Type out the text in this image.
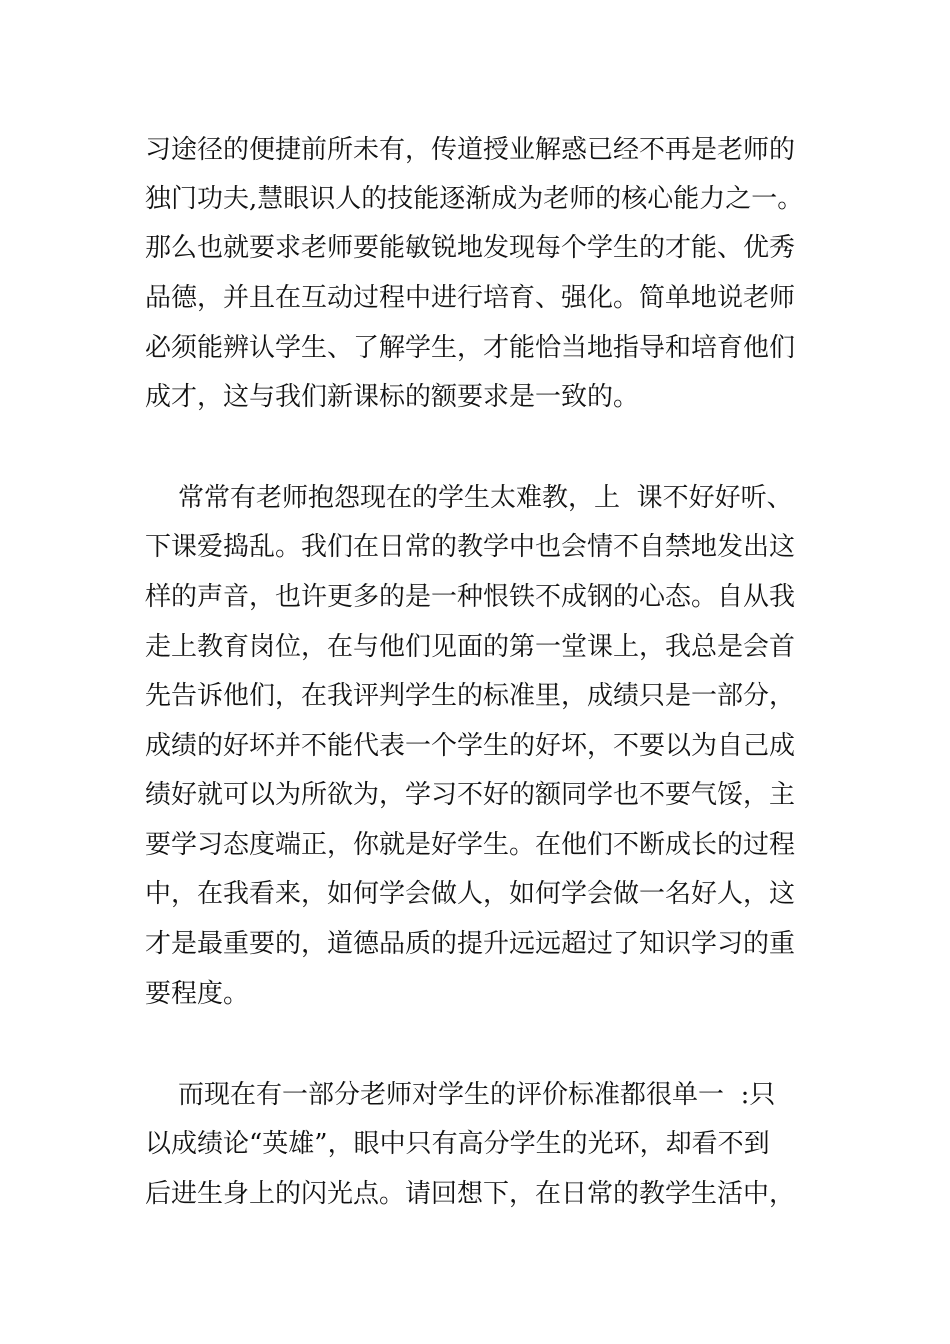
习途径的便捷前所未有，传道授业解惑已经不再是老师的

独门功夫,慧眼识人的技能逐渐成为老师的核心能力之一。

那么也就要求老师要能敏锐地发现每个学生的才能、优秀

品德，并且在互动过程中进行培育、强化。简单地说老师

必须能辨认学生、了解学生，才能恰当地指导和培育他们

成才，这与我们新课标的额要求是一致的。

常常有老师抱怨现在的学生太难教，上  课不好好听、

下课爱捣乱。我们在日常的教学中也会情不自禁地发出这

样的声音，也许更多的是一种恨铁不成钢的心态。自从我

走上教育岗位，在与他们见面的第一堂课上，我总是会首

先告诉他们，在我评判学生的标准里，成绩只是一部分，

成绩的好坏并不能代表一个学生的好坏，不要以为自己成

绩好就可以为所欲为，学习不好的额同学也不要气馁，主

要学习态度端正，你就是好学生。在他们不断成长的过程

中，在我看来，如何学会做人，如何学会做一名好人，这

才是最重要的，道德品质的提升远远超过了知识学习的重

要程度。

而现在有一部分老师对学生的评价标准都很单一  :只

以成绩论“英雄”，眼中只有高分学生的光环，却看不到

后进生身上的闪光点。请回想下，在日常的教学生活中，
